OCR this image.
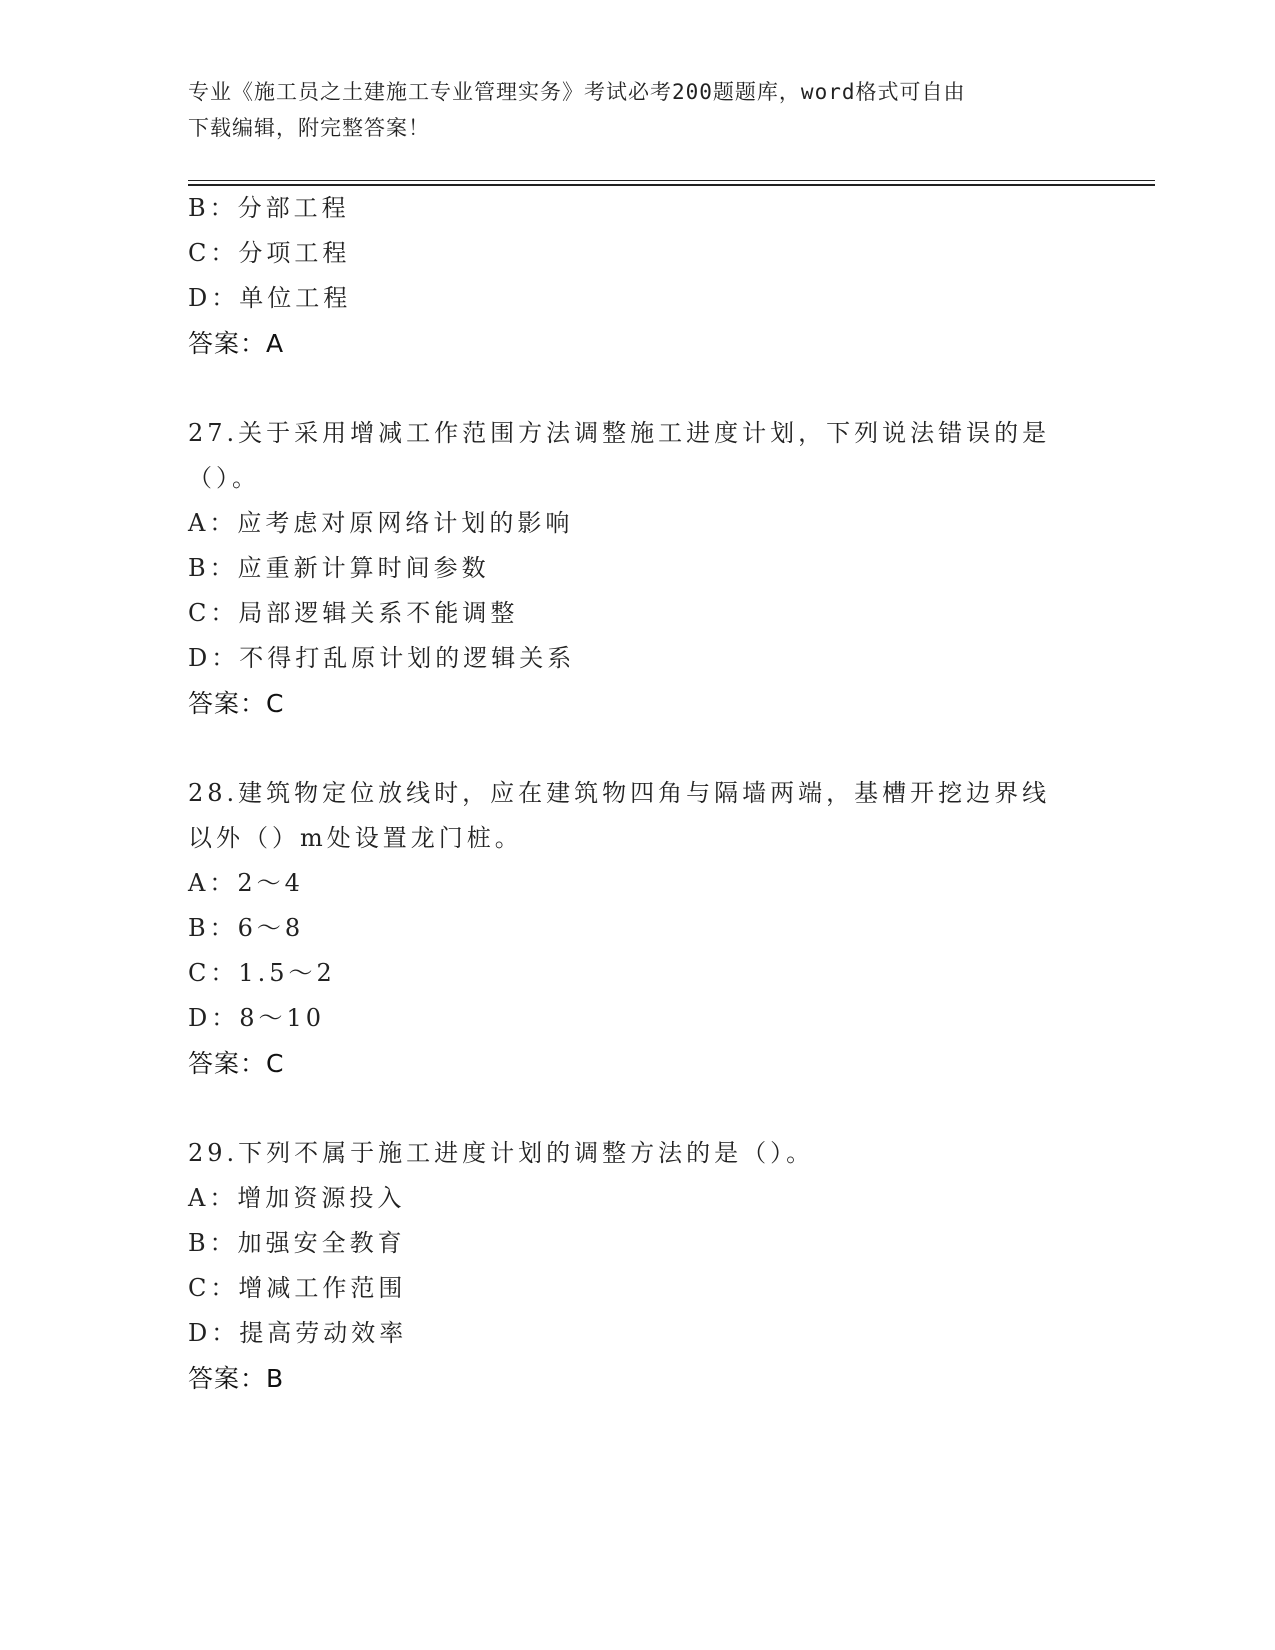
专业《施工员之土建施工专业管理实务》考试必考200题题库，word格式可自由
下载编辑，附完整答案！
B：分部工程
C：分项工程
D：单位工程
答案：A
27.关于采用增减工作范围方法调整施工进度计划，下列说法错误的是
（）。
A：应考虑对原网络计划的影响
B：应重新计算时间参数
C：局部逻辑关系不能调整
D：不得打乱原计划的逻辑关系
答案：C
28.建筑物定位放线时，应在建筑物四角与隔墙两端，基槽开挖边界线
以外（）m处设置龙门桩。
A：2～4
B：6～8
C：1.5～2
D：8～10
答案：C
29.下列不属于施工进度计划的调整方法的是（）。
A：增加资源投入
B：加强安全教育
C：增减工作范围
D：提高劳动效率
答案：B
